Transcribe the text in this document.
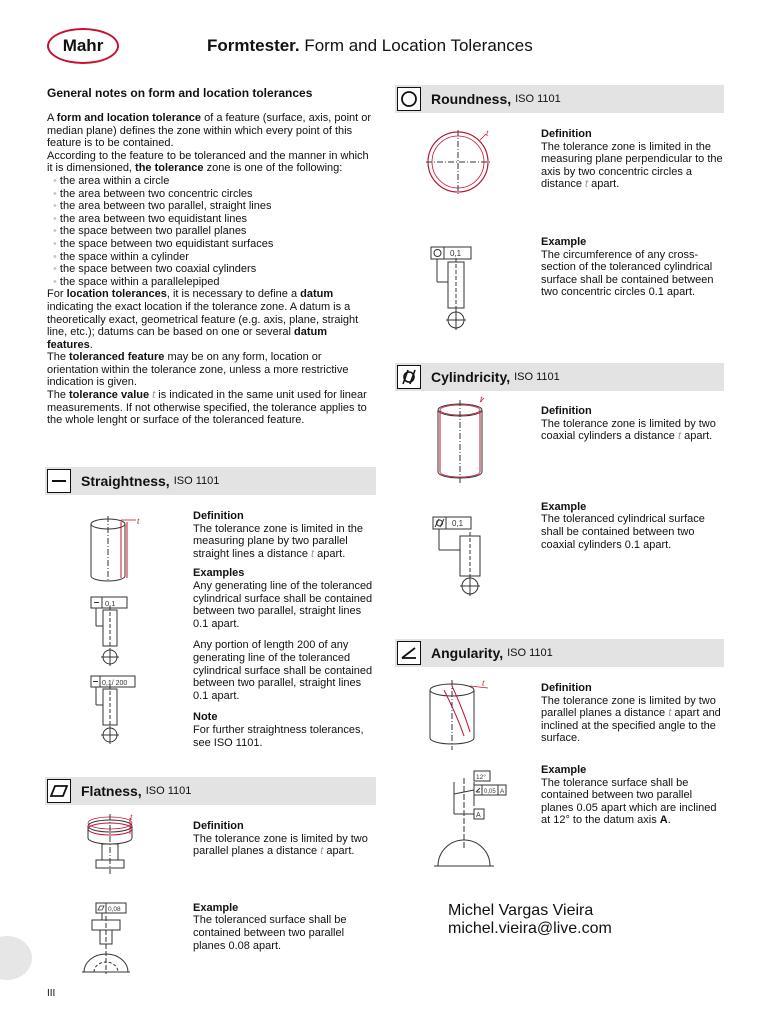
Mahr	Formtester. Form and Location Tolerances
General notes on form and location tolerances

A form and location tolerance of a feature (surface, axis, point or median plane) defines the zone within which every point of this feature is to be contained.

According to the feature to be toleranced and the manner in which it is dimensioned, the tolerance zone is one of the following:

• the area within a circle
• the area between two concentric circles
• the area between two parallel, straight lines
• the area between two equidistant lines
• the space between two parallel planes
• the space between two equidistant surfaces
• the space within a cylinder
• the space between two coaxial cylinders
• the space within a parallelepiped

For location tolerances, it is necessary to define a datum indicating the exact location if the tolerance zone. A datum is a theoretically exact, geometrical feature (e.g. axis, plane, straight line, etc.); datums can be based on one or several datum features.

The toleranced feature may be on any form, location or orientation within the tolerance zone, unless a more restrictive indication is given.

The tolerance value t is indicated in the same unit used for linear measurements. If not otherwise specified, the tolerance applies to the whole lenght or surface of the toleranced feature.

Straightness, ISO 1101
t
0,1
0,1/ 200

Definition

The tolerance zone is limited in the measuring plane by two parallel straight lines a distance t apart.

Examples

Any generating line of the toleranced cylindrical surface shall be contained between two parallel, straight lines 0.1 apart.

Any portion of length 200 of any generating line of the toleranced cylindrical surface shall be contained between two parallel, straight lines 0.1 apart.

Note

For further straightness tolerances, see ISO 1101.

Flatness, ISO 1101
t
0,08

Definition

The tolerance zone is limited by two parallel planes a distance t apart.

Example

The toleranced surface shall be contained between two parallel planes 0.08 apart.

Roundness, ISO 1101
t
0,1

Definition

The tolerance zone is limited in the measuring plane perpendicular to the axis by two concentric circles a distance t apart.

Example

The circumference of any cross-section of the toleranced cylindrical surface shall be contained between two concentric circles 0.1 apart.

Cylindricity, ISO 1101
t
0,1

Definition

The tolerance zone is limited by two coaxial cylinders a distance t apart.

Example

The toleranced cylindrical surface shall be contained between two coaxial cylinders 0.1 apart.

Angularity, ISO 1101
t
12°
0,05 A
A

Definition

The tolerance zone is limited by two parallel planes a distance t apart and inclined at the specified angle to the surface.

Example

The tolerance surface shall be contained between two parallel planes 0.05 apart which are inclined at 12° to the datum axis A.

Michel Vargas Vieira
michel.vieira@live.com
III
